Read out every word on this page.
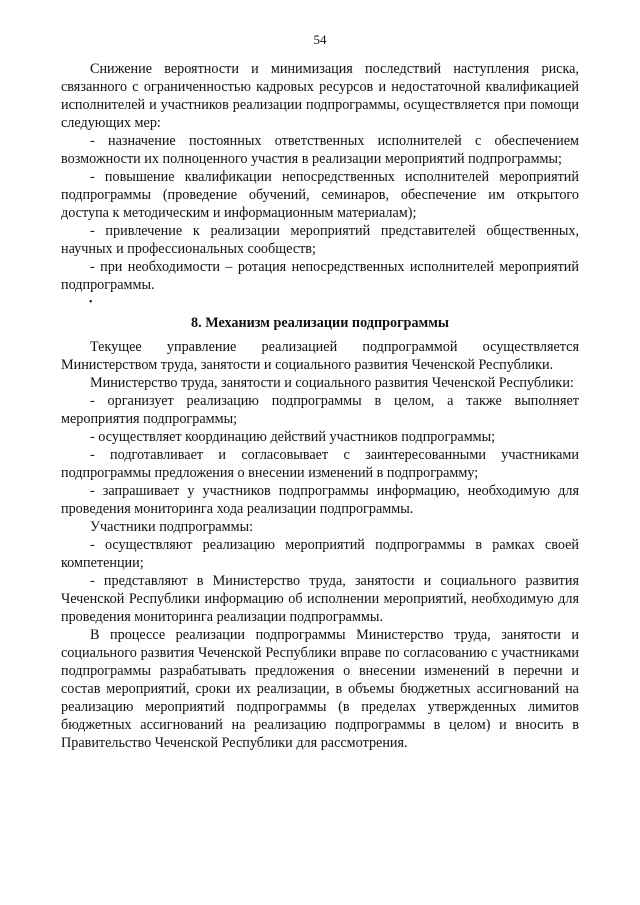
54

Снижение вероятности и минимизация последствий наступления риска, связанного с ограниченностью кадровых ресурсов и недостаточной квалификацией исполнителей и участников реализации подпрограммы, осуществляется при помощи следующих мер:

- назначение постоянных ответственных исполнителей с обеспечением возможности их полноценного участия в реализации мероприятий подпрограммы;

- повышение квалификации непосредственных исполнителей мероприятий подпрограммы (проведение обучений, семинаров, обеспечение им открытого доступа к методическим и информационным материалам);

- привлечение к реализации мероприятий представителей общественных, научных и профессиональных сообществ;

- при необходимости – ротация непосредственных исполнителей мероприятий подпрограммы.

•

8. Механизм реализации подпрограммы

Текущее управление реализацией подпрограммой осуществляется Министерством труда, занятости и социального развития Чеченской Республики.

Министерство труда, занятости и социального развития Чеченской Республики:

- организует реализацию подпрограммы в целом, а также выполняет мероприятия подпрограммы;

- осуществляет координацию действий участников подпрограммы;

- подготавливает и согласовывает с заинтересованными участниками подпрограммы предложения о внесении изменений в подпрограмму;

- запрашивает у участников подпрограммы информацию, необходимую для проведения мониторинга хода реализации подпрограммы.

Участники подпрограммы:

- осуществляют реализацию мероприятий подпрограммы в рамках своей компетенции;

- представляют в Министерство труда, занятости и социального развития Чеченской Республики информацию об исполнении мероприятий, необходимую для проведения мониторинга реализации подпрограммы.

В процессе реализации подпрограммы Министерство труда, занятости и социального развития Чеченской Республики вправе по согласованию с участниками подпрограммы разрабатывать предложения о внесении изменений в перечни и состав мероприятий, сроки их реализации, в объемы бюджетных ассигнований на реализацию мероприятий подпрограммы (в пределах утвержденных лимитов бюджетных ассигнований на реализацию подпрограммы в целом) и вносить в Правительство Чеченской Республики для рассмотрения.
